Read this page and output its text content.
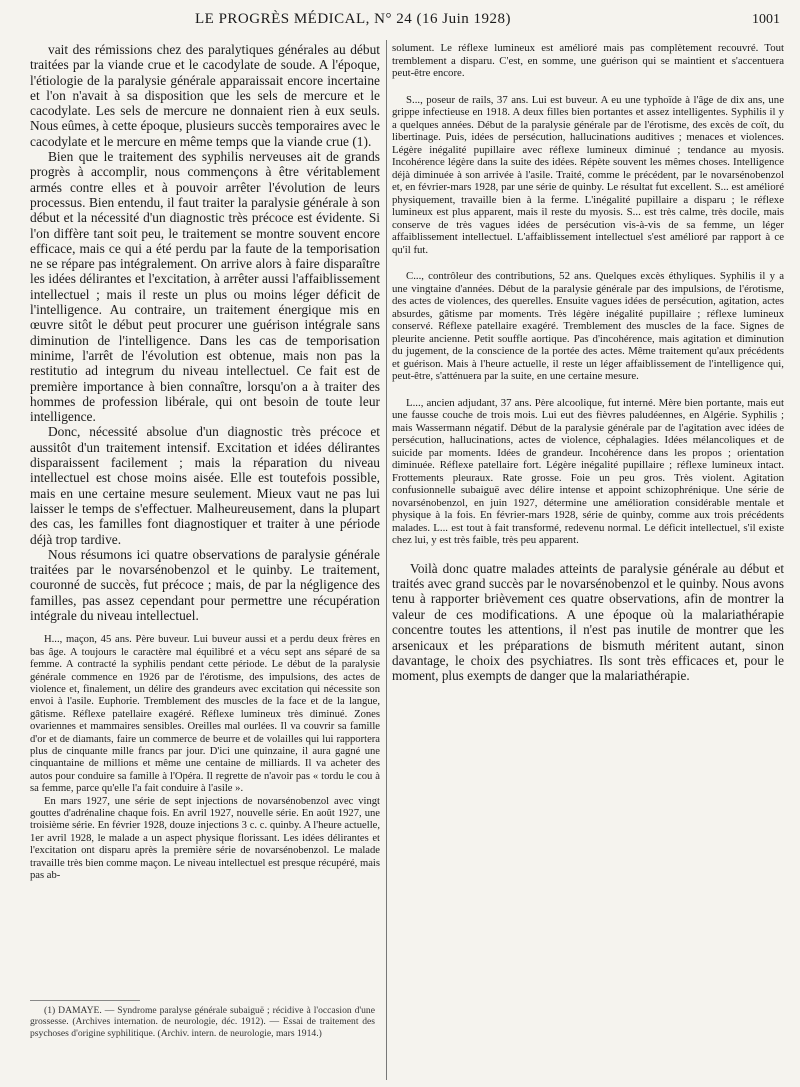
LE PROGRÈS MÉDICAL, N° 24 (16 Juin 1928)	1001

vait des rémissions chez des paralytiques générales au début traitées par la viande crue et le cacodylate de soude. A l'époque, l'étiologie de la paralysie générale apparaissait encore incertaine et l'on n'avait à sa disposition que les sels de mercure et le cacodylate. Les sels de mercure ne donnaient rien à eux seuls. Nous eûmes, à cette époque, plusieurs succès temporaires avec le cacodylate et le mercure en même temps que la viande crue (1).

Bien que le traitement des syphilis nerveuses ait de grands progrès à accomplir, nous commençons à être véritablement armés contre elles et à pouvoir arrêter l'évolution de leurs processus. Bien entendu, il faut traiter la paralysie générale à son début et la nécessité d'un diagnostic très précoce est évidente. Si l'on diffère tant soit peu, le traitement se montre souvent encore efficace, mais ce qui a été perdu par la faute de la temporisation ne se répare pas intégralement. On arrive alors à faire disparaître les idées délirantes et l'excitation, à arrêter aussi l'affaiblissement intellectuel ; mais il reste un plus ou moins léger déficit de l'intelligence. Au contraire, un traitement énergique mis en œuvre sitôt le début peut procurer une guérison intégrale sans diminution de l'intelligence. Dans les cas de temporisation minime, l'arrêt de l'évolution est obtenue, mais non pas la restitutio ad integrum du niveau intellectuel. Ce fait est de première importance à bien connaître, lorsqu'on a à traiter des hommes de profession libérale, qui ont besoin de toute leur intelligence.

Donc, nécessité absolue d'un diagnostic très précoce et aussitôt d'un traitement intensif. Excitation et idées délirantes disparaissent facilement ; mais la réparation du niveau intellectuel est chose moins aisée. Elle est toutefois possible, mais en une certaine mesure seulement. Mieux vaut ne pas lui laisser le temps de s'effectuer. Malheureusement, dans la plupart des cas, les familles font diagnostiquer et traiter à une période déjà trop tardive.

Nous résumons ici quatre observations de paralysie générale traitées par le novarsénobenzol et le quinby. Le traitement, couronné de succès, fut précoce ; mais, de par la négligence des familles, pas assez cependant pour permettre une récupération intégrale du niveau intellectuel.

H..., maçon, 45 ans. Père buveur. Lui buveur aussi et a perdu deux frères en bas âge. A toujours le caractère mal équilibré et a vécu sept ans séparé de sa femme. A contracté la syphilis pendant cette période. Le début de la paralysie générale commence en 1926 par de l'érotisme, des impulsions, des actes de violence et, finalement, un délire des grandeurs avec excitation qui nécessite son envoi à l'asile. Euphorie. Tremblement des muscles de la face et de la langue, gâtisme. Réflexe patellaire exagéré. Réflexe lumineux très diminué. Zones ovariennes et mammaires sensibles. Oreilles mal ourlées. Il va couvrir sa famille d'or et de diamants, faire un commerce de beurre et de volailles qui lui rapportera plus de cinquante mille francs par jour. D'ici une quinzaine, il aura gagné une cinquantaine de millions et même une centaine de milliards. Il va acheter des autos pour conduire sa famille à l'Opéra. Il regrette de n'avoir pas « tordu le cou à sa femme, parce qu'elle l'a fait conduire à l'asile ».

En mars 1927, une série de sept injections de novarsénobenzol avec vingt gouttes d'adrénaline chaque fois. En avril 1927, nouvelle série. En août 1927, une troisième série. En février 1928, douze injections 3 c. c. quinby. A l'heure actuelle, 1er avril 1928, le malade a un aspect physique florissant. Les idées délirantes et l'excitation ont disparu après la première série de novarsénobenzol. Le malade travaille très bien comme maçon. Le niveau intellectuel est presque récupéré, mais pas ab-

(1) DAMAYE. — Syndrome paralyse générale subaiguë ; récidive à l'occasion d'une grossesse. (Archives internation. de neurologie, déc. 1912). — Essai de traitement des psychoses d'origine syphilitique. (Archiv. intern. de neurologie, mars 1914.)

solument. Le réflexe lumineux est amélioré mais pas complètement recouvré. Tout tremblement a disparu. C'est, en somme, une guérison qui se maintient et s'accentuera peut-être encore.

S..., poseur de rails, 37 ans. Lui est buveur. A eu une typhoïde à l'âge de dix ans, une grippe infectieuse en 1918. A deux filles bien portantes et assez intelligentes. Syphilis il y a quelques années. Début de la paralysie générale par de l'érotisme, des excès de coït, du libertinage. Puis, idées de persécution, hallucinations auditives ; menaces et violences. Légère inégalité pupillaire avec réflexe lumineux diminué ; tendance au myosis. Incohérence légère dans la suite des idées. Répète souvent les mêmes choses. Intelligence déjà diminuée à son arrivée à l'asile. Traité, comme le précédent, par le novarsénobenzol et, en février-mars 1928, par une série de quinby. Le résultat fut excellent. S... est amélioré physiquement, travaille bien à la ferme. L'inégalité pupillaire a disparu ; le réflexe lumineux est plus apparent, mais il reste du myosis. S... est très calme, très docile, mais conserve de très vagues idées de persécution vis-à-vis de sa femme, un léger affaiblissement intellectuel. L'affaiblissement intellectuel s'est amélioré par rapport à ce qu'il fut.

C..., contrôleur des contributions, 52 ans. Quelques excès éthyliques. Syphilis il y a une vingtaine d'années. Début de la paralysie générale par des impulsions, de l'érotisme, des actes de violences, des querelles. Ensuite vagues idées de persécution, agitation, actes absurdes, gâtisme par moments. Très légère inégalité pupillaire ; réflexe lumineux conservé. Réflexe patellaire exagéré. Tremblement des muscles de la face. Signes de pleurite ancienne. Petit souffle aortique. Pas d'incohérence, mais agitation et diminution du jugement, de la conscience de la portée des actes. Même traitement qu'aux précédents et guérison. Mais à l'heure actuelle, il reste un léger affaiblissement de l'intelligence qui, peut-être, s'atténuera par la suite, en une certaine mesure.

L..., ancien adjudant, 37 ans. Père alcoolique, fut interné. Mère bien portante, mais eut une fausse couche de trois mois. Lui eut des fièvres paludéennes, en Algérie. Syphilis ; mais Wassermann négatif. Début de la paralysie générale par de l'agitation avec idées de persécution, hallucinations, actes de violence, céphalagies. Idées mélancoliques et de suicide par moments. Idées de grandeur. Incohérence dans les propos ; orientation diminuée. Réflexe patellaire fort. Légère inégalité pupillaire ; réflexe lumineux intact. Frottements pleuraux. Rate grosse. Foie un peu gros. Très violent. Agitation confusionnelle subaiguë avec délire intense et appoint schizophrénique. Une série de novarsénobenzol, en juin 1927, détermine une amélioration considérable mentale et physique à la fois. En février-mars 1928, série de quinby, comme aux trois précédents malades. L... est tout à fait transformé, redevenu normal. Le déficit intellectuel, s'il existe chez lui, y est très faible, très peu apparent.

Voilà donc quatre malades atteints de paralysie générale au début et traités avec grand succès par le novarsénobenzol et le quinby. Nous avons tenu à rapporter brièvement ces quatre observations, afin de montrer la valeur de ces modifications. A une époque où la malariathérapie concentre toutes les attentions, il n'est pas inutile de montrer que les arsenicaux et les préparations de bismuth méritent autant, sinon davantage, le choix des psychiatres. Ils sont très efficaces et, pour le moment, plus exempts de danger que la malariathérapie.
